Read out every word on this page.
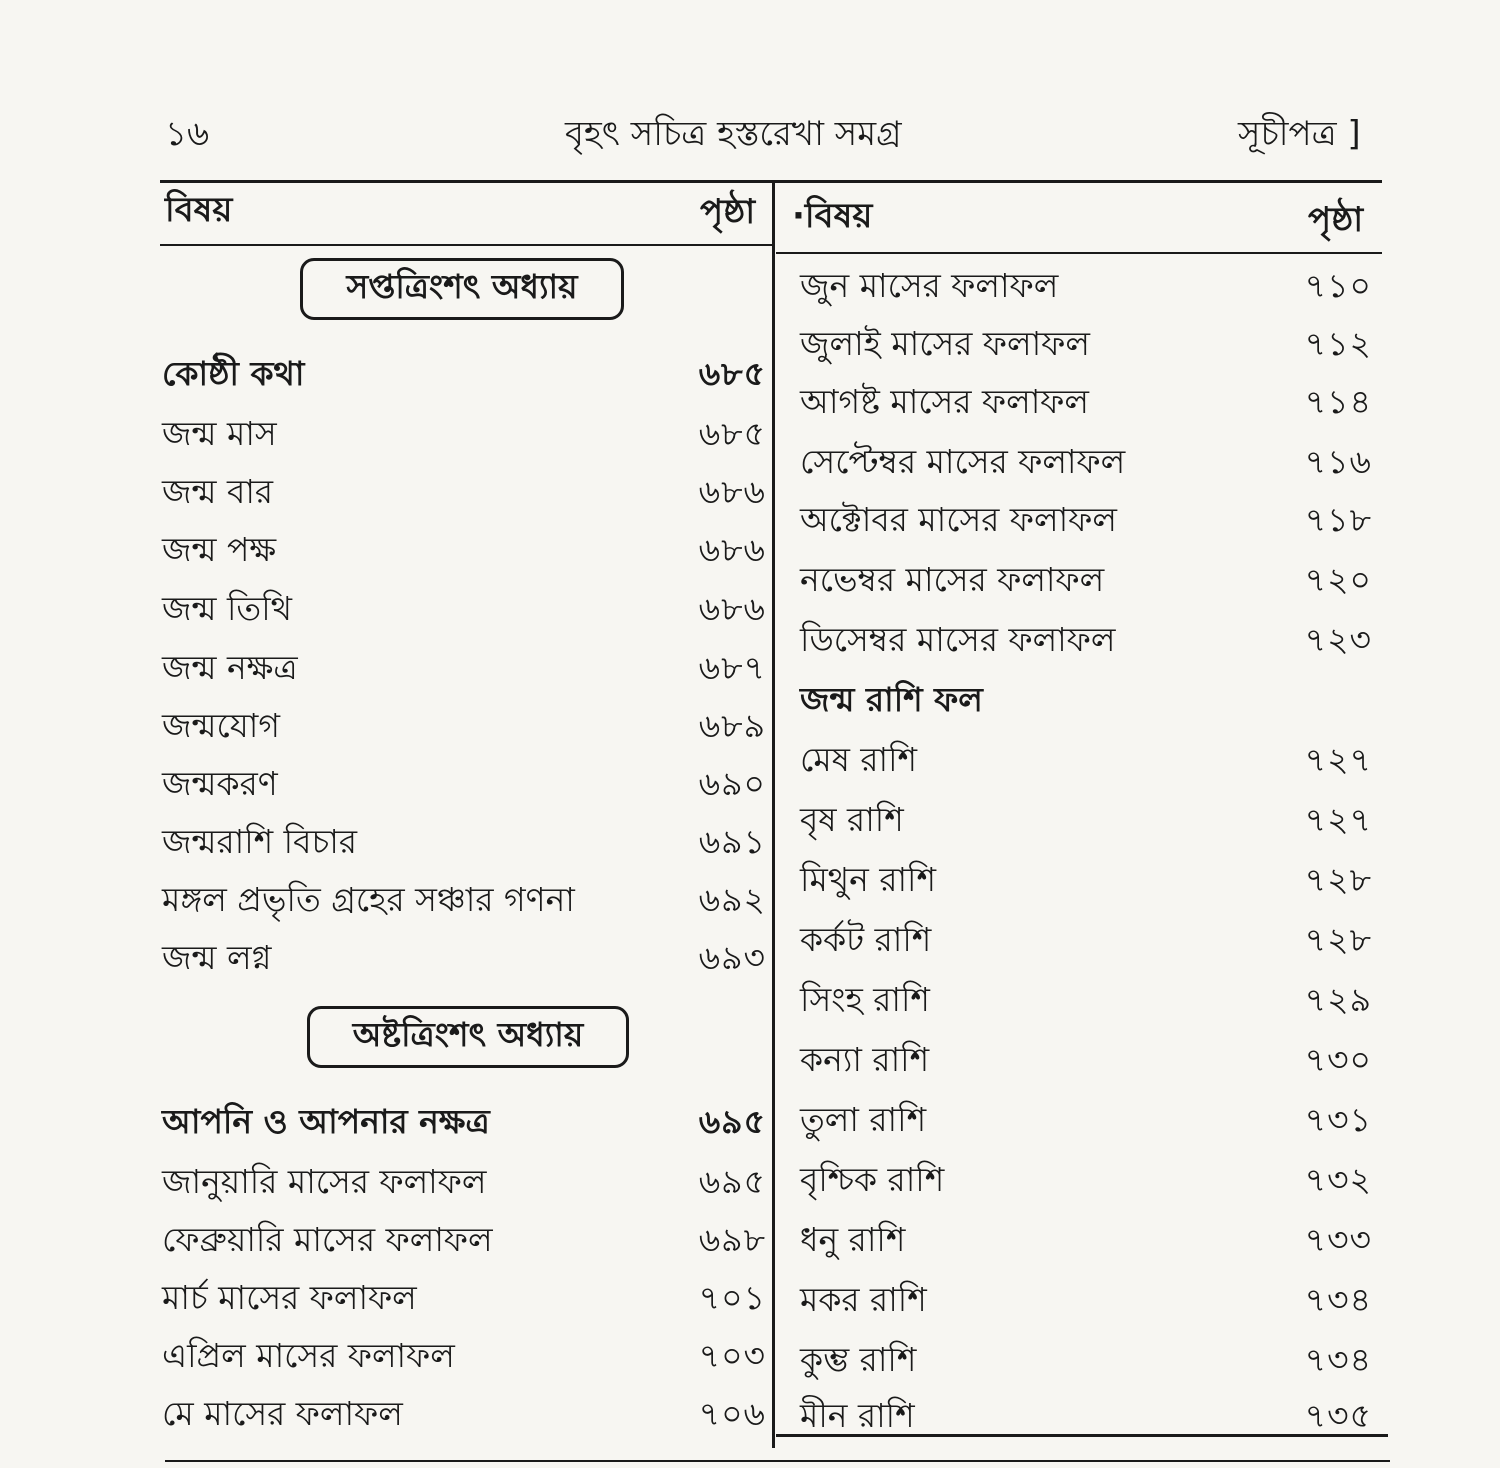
১৬	বৃহৎ সচিত্র হস্তরেখা সমগ্র	সূচীপত্র ]
বিষয়	পৃষ্ঠা ·বিষয়	পৃষ্ঠা
সপ্তত্রিংশৎ অধ্যায়
অষ্টত্রিংশৎ অধ্যায়
কোষ্ঠী কথা	৬৮৫
জন্ম মাস	৬৮৫
জন্ম বার	৬৮৬
জন্ম পক্ষ	৬৮৬
জন্ম তিথি	৬৮৬
জন্ম নক্ষত্র	৬৮৭
জন্মযোগ	৬৮৯
জন্মকরণ	৬৯০
জন্মরাশি বিচার	৬৯১
মঙ্গল প্রভৃতি গ্রহের সঞ্চার গণনা	৬৯২
জন্ম লগ্ন	৬৯৩
আপনি ও আপনার নক্ষত্র	৬৯৫
জানুয়ারি মাসের ফলাফল	৬৯৫
ফেব্রুয়ারি মাসের ফলাফল	৬৯৮
মার্চ মাসের ফলাফল	৭০১
এপ্রিল মাসের ফলাফল	৭০৩
মে মাসের ফলাফল	৭০৬
জুন মাসের ফলাফল	৭১০
জুলাই মাসের ফলাফল	৭১২
আগষ্ট মাসের ফলাফল	৭১৪
সেপ্টেম্বর মাসের ফলাফল	৭১৬
অক্টোবর মাসের ফলাফল	৭১৮
নভেম্বর মাসের ফলাফল	৭২০
ডিসেম্বর মাসের ফলাফল	৭২৩
জন্ম রাশি ফল
মেষ রাশি	৭২৭
বৃষ রাশি	৭২৭
মিথুন রাশি	৭২৮
কর্কট রাশি	৭২৮
সিংহ রাশি	৭২৯
কন্যা রাশি	৭৩০
তুলা রাশি	৭৩১
বৃশ্চিক রাশি	৭৩২
ধনু রাশি	৭৩৩
মকর রাশি	৭৩৪
কুম্ভ রাশি	৭৩৪
মীন রাশি	৭৩৫
